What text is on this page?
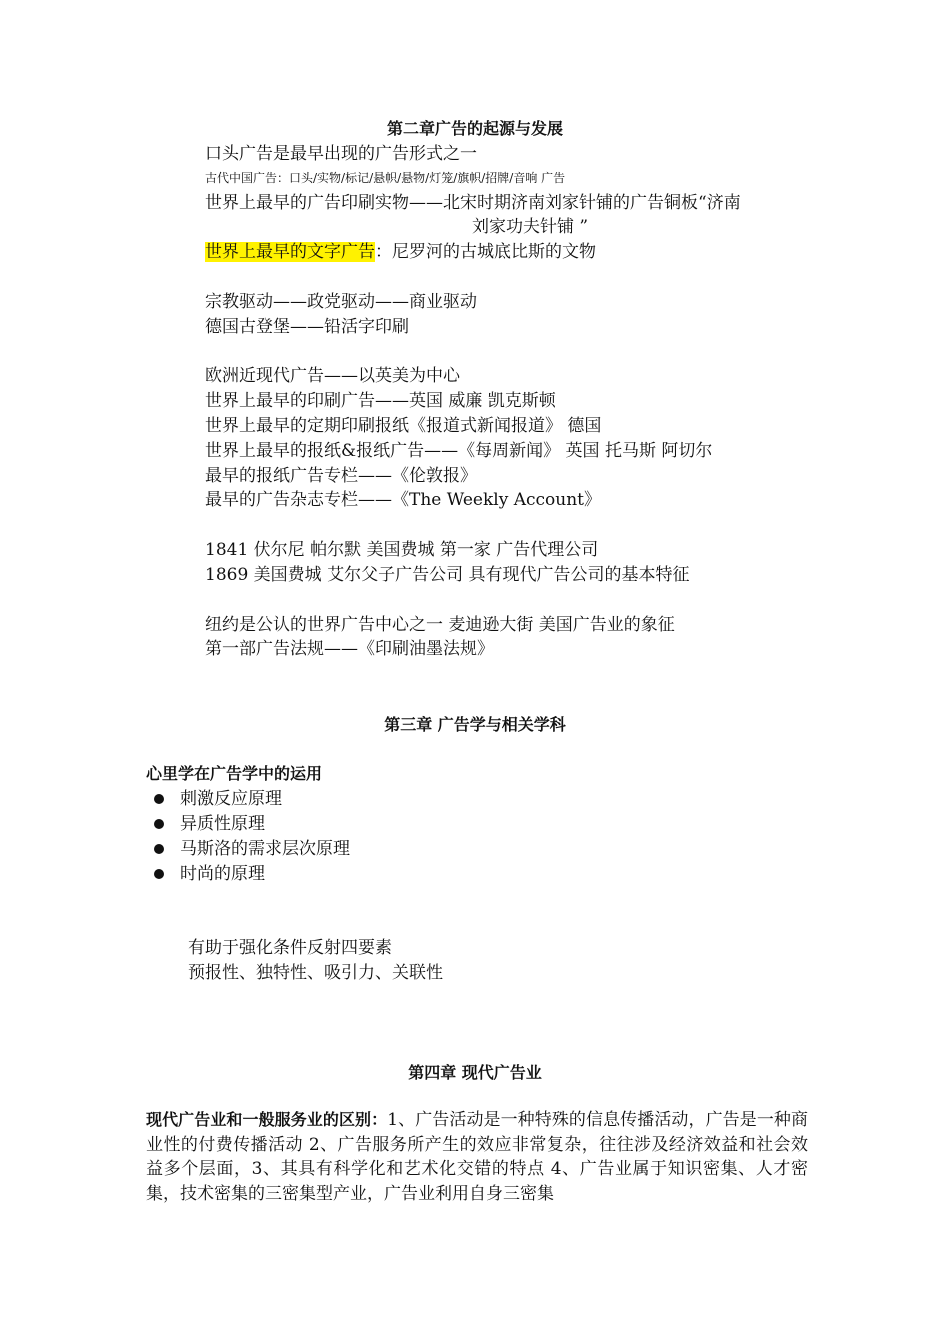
第二章广告的起源与发展
口头广告是最早出现的广告形式之一
古代中国广告：口头/实物/标记/悬帜/悬物/灯笼/旗帜/招牌/音响 广告
世界上最早的广告印刷实物——北宋时期济南刘家针铺的广告铜板“济南
刘家功夫针铺 ”
世界上最早的文字广告：尼罗河的古城底比斯的文物
宗教驱动——政党驱动——商业驱动
德国古登堡——铅活字印刷
欧洲近现代广告——以英美为中心
世界上最早的印刷广告——英国 威廉 凯克斯顿
世界上最早的定期印刷报纸《报道式新闻报道》 德国
世界上最早的报纸&报纸广告——《每周新闻》 英国 托马斯 阿切尔
最早的报纸广告专栏——《伦敦报》
最早的广告杂志专栏——《The Weekly Account》
1841 伏尔尼 帕尔默 美国费城 第一家 广告代理公司
1869 美国费城 艾尔父子广告公司 具有现代广告公司的基本特征
纽约是公认的世界广告中心之一 麦迪逊大街 美国广告业的象征
第一部广告法规——《印刷油墨法规》
第三章 广告学与相关学科
心里学在广告学中的运用
刺激反应原理
异质性原理
马斯洛的需求层次原理
时尚的原理
有助于强化条件反射四要素
预报性、独特性、吸引力、关联性
第四章 现代广告业
现代广告业和一般服务业的区别：1、广告活动是一种特殊的信息传播活动，广告是一种商业性的付费传播活动 2、广告服务所产生的效应非常复杂，往往涉及经济效益和社会效益多个层面，3、其具有科学化和艺术化交错的特点 4、广告业属于知识密集、人才密集，技术密集的三密集型产业，广告业利用自身三密集
